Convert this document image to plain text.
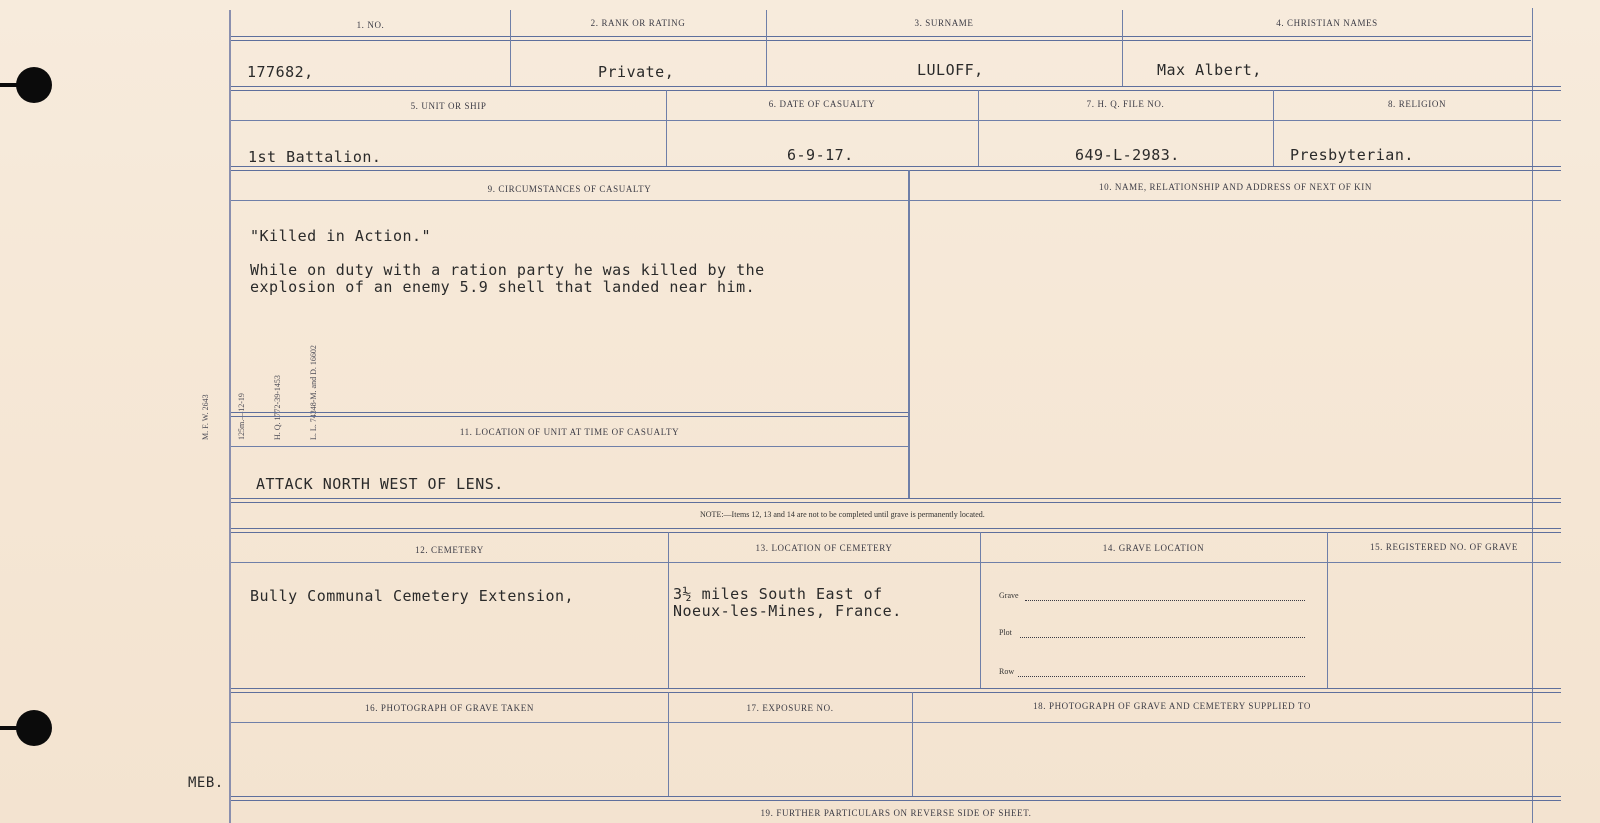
M. F. W. 2643

	125m.—12-19

	H. Q. 1772-39-1453

	L. L. 74348-M. and D. 16602

MEB.
1. NO.	2. RANK OR RATING	3. SURNAME	4. CHRISTIAN NAMES
177682,	Private,	LULOFF,	Max Albert,
5. UNIT OR SHIP	6. DATE OF CASUALTY	7. H. Q. FILE NO.	8. RELIGION
1st Battalion.	6-9-17.	649-L-2983.	Presbyterian.
9. CIRCUMSTANCES OF CASUALTY	10. NAME, RELATIONSHIP AND ADDRESS OF NEXT OF KIN
"Killed in Action."
While on duty with a ration party he was killed by the
explosion of an enemy 5.9 shell that landed near him.
11. LOCATION OF UNIT AT TIME OF CASUALTY
ATTACK NORTH WEST OF LENS.
NOTE:—Items 12, 13 and 14 are not to be completed until grave is permanently located.
12. CEMETERY	13. LOCATION OF CEMETERY	14. GRAVE LOCATION	15. REGISTERED NO. OF GRAVE
Bully Communal Cemetery Extension,	3½ miles South East of
Noeux-les-Mines, France.
Grave
Plot
Row
16. PHOTOGRAPH OF GRAVE TAKEN	17. EXPOSURE NO.	18. PHOTOGRAPH OF GRAVE AND CEMETERY SUPPLIED TO
19. FURTHER PARTICULARS ON REVERSE SIDE OF SHEET.
